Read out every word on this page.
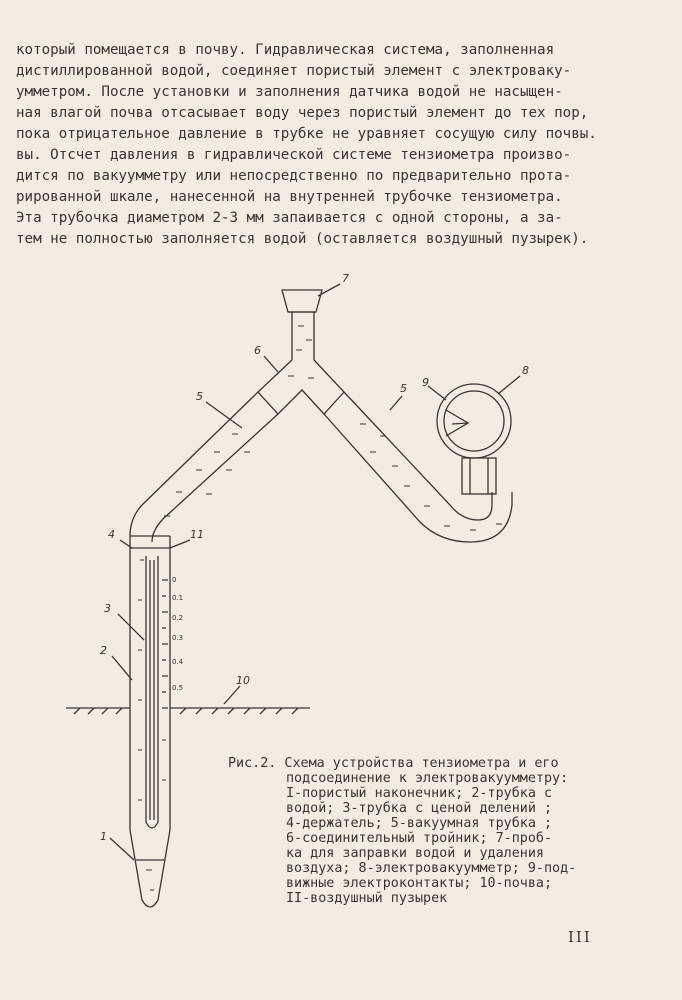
который помещается в почву. Гидравлическая система, заполненная
дистиллированной водой, соединяет пористый элемент с электроваку-
умметром. После установки и заполнения датчика водой не насыщен-
ная влагой почва отсасывает воду через пористый элемент до тех пор,
пока отрицательное давление в трубке не уравняет сосущую силу почвы.
вы. Отсчет давления в гидравлической системе тензиометра произво-
дится по вакуумметру или непосредственно по предварительно прота-
рированной шкале, нанесенной на внутренней трубочке тензиометра.
Эта трубочка диаметром 2-3 мм запаивается с одной стороны, а за-
тем не полностью заполняется водой (оставляется воздушный пузырек).

7
6
5
5 9
8
4	11
3
2
10
1
0
0.1
0.2
0.3
0.4
0.5

Рис.2. Схема устройства тензиометра и его
подсоединение к электровакуумметру:
I-пористый наконечник; 2-трубка с
водой; 3-трубка с ценой делений ;
4-держатель; 5-вакуумная трубка ;
6-соединительный тройник; 7-проб-
ка для заправки водой и удаления
воздуха; 8-электровакуумметр; 9-под-
вижные электроконтакты; 10-почва;
II-воздушный пузырек

III
